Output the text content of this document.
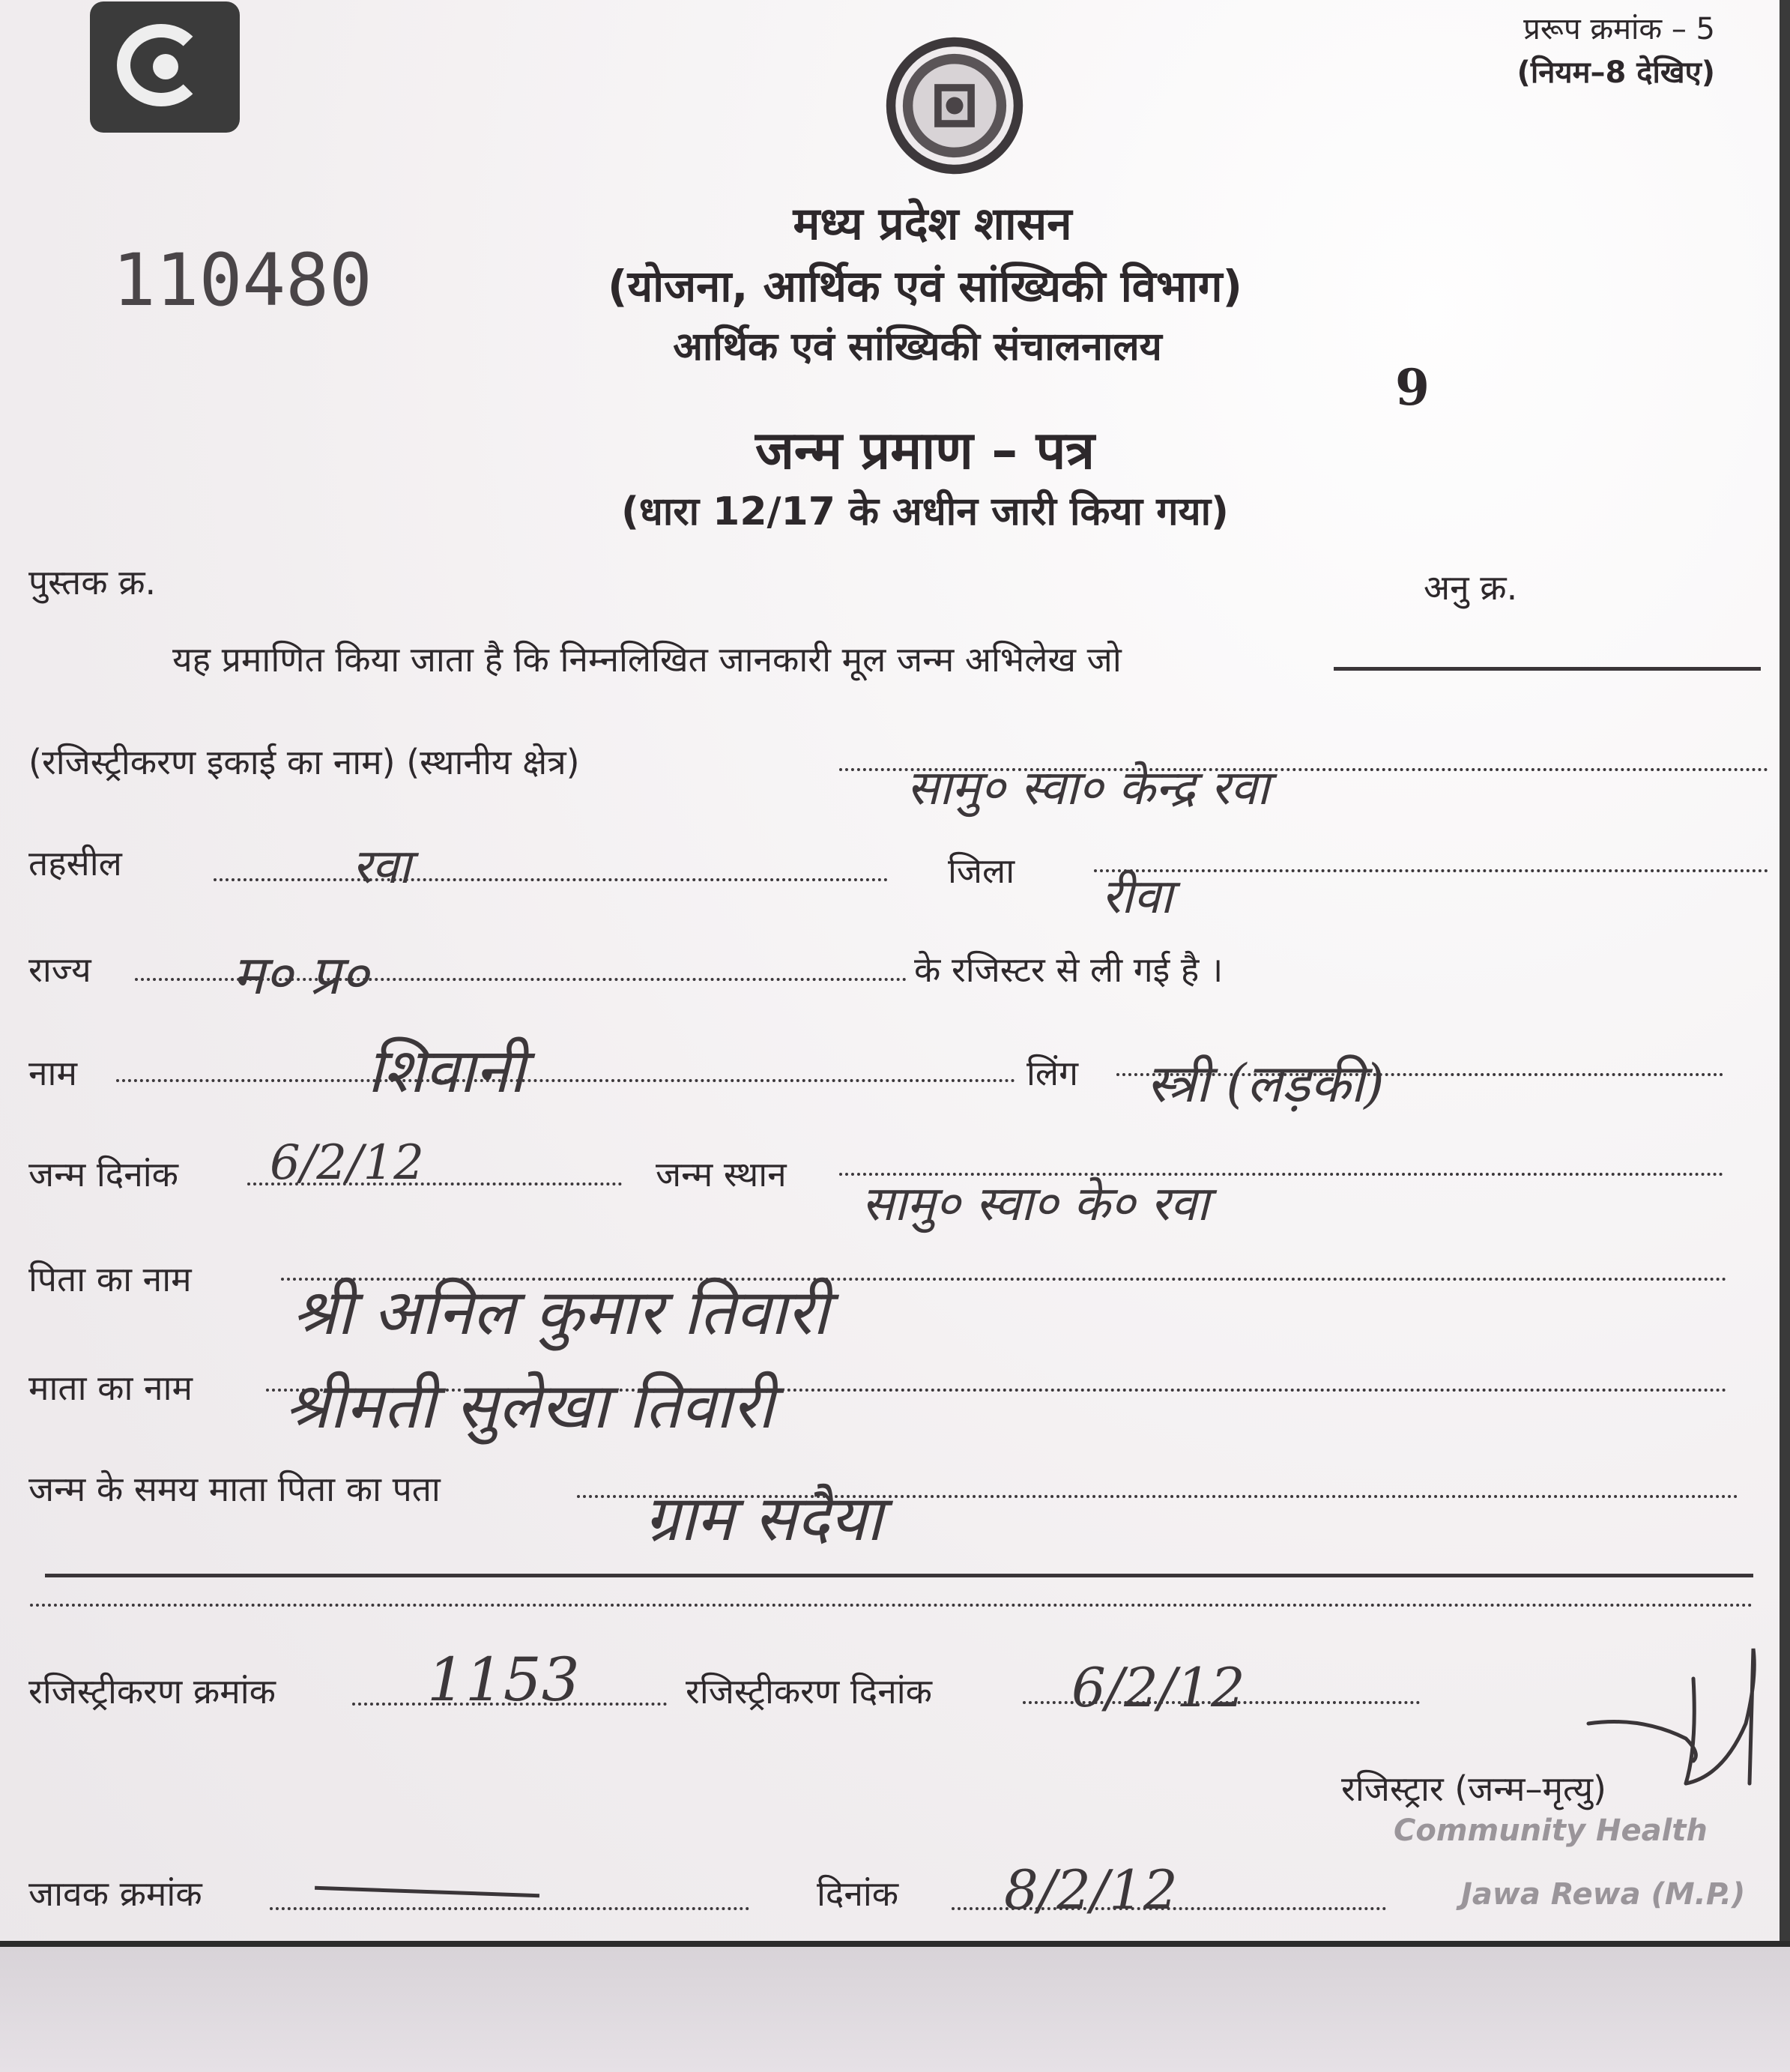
प्ररूप क्रमांक – 5
(नियम–8 देखिए)
110480
मध्य प्रदेश शासन
(योजना, आर्थिक एवं सांख्यिकी विभाग)
आर्थिक एवं सांख्यिकी संचालनालय
9
जन्म प्रमाण – पत्र
(धारा 12/17 के अधीन जारी किया गया)
पुस्तक क्र.	अनु क्र.
यह प्रमाणित किया जाता है कि निम्नलिखित जानकारी मूल जन्म अभिलेख जो
(रजिस्ट्रीकरण इकाई का नाम) (स्थानीय क्षेत्र)	सामु० स्वा० केन्द्र रवा
तहसील	रवा	जिला रीवा
राज्य	म० प्र०	के रजिस्टर से ली गई है ।
नाम	शिवानी	लिंग स्त्री (लड़की)
जन्म दिनांक 6/2/12	जन्म स्थान
सामु० स्वा० के० रवा
पिता का नाम श्री अनिल कुमार तिवारी
माता का नाम श्रीमती सुलेखा तिवारी
जन्म के समय माता पिता का पता	ग्राम सदैया
रजिस्ट्रीकरण क्रमांक	1153	रजिस्ट्रीकरण दिनांक	6/2/12
रजिस्ट्रार (जन्म–मृत्यु)
Community Health
Jawa Rewa (M.P.)
जावक क्रमांक	दिनांक 8/2/12
